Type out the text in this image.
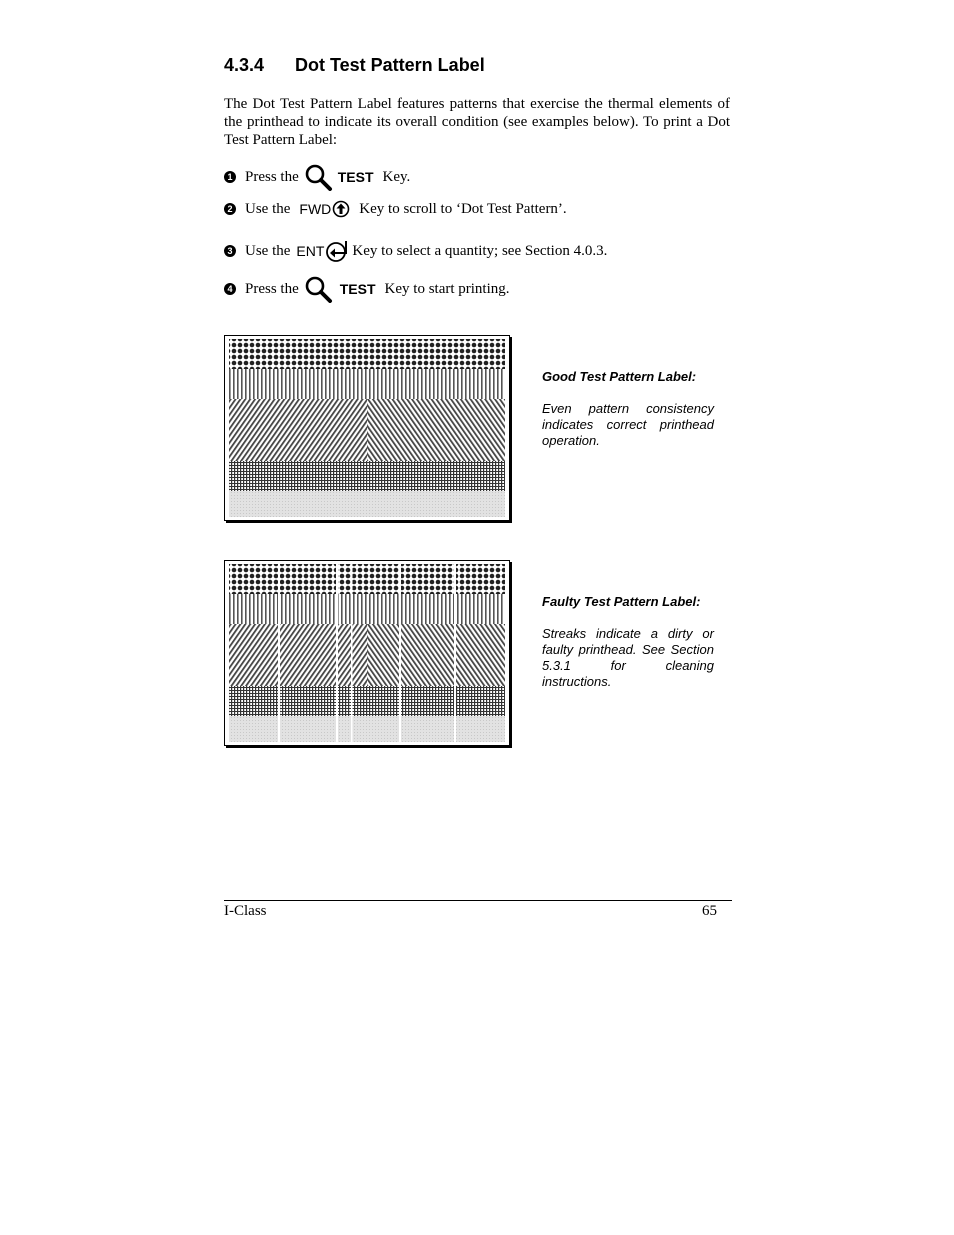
4.3.4 Dot Test Pattern Label
The Dot Test Pattern Label features patterns that exercise the thermal elements of the printhead to indicate its overall condition (see examples below). To print a Dot Test Pattern Label:
1 Press the	TEST Key.
2 Use the FWD Key to scroll to ‘Dot Test Pattern’.
3 Use the ENT Key to select a quantity; see Section 4.0.3.
4 Press the	TEST Key to start printing.
Good Test Pattern Label:
Even pattern consistency indicates correct printhead operation.
Faulty Test Pattern Label:
Streaks indicate a dirty or faulty printhead. See Section 5.3.1 for cleaning instructions.
I-Class	65
